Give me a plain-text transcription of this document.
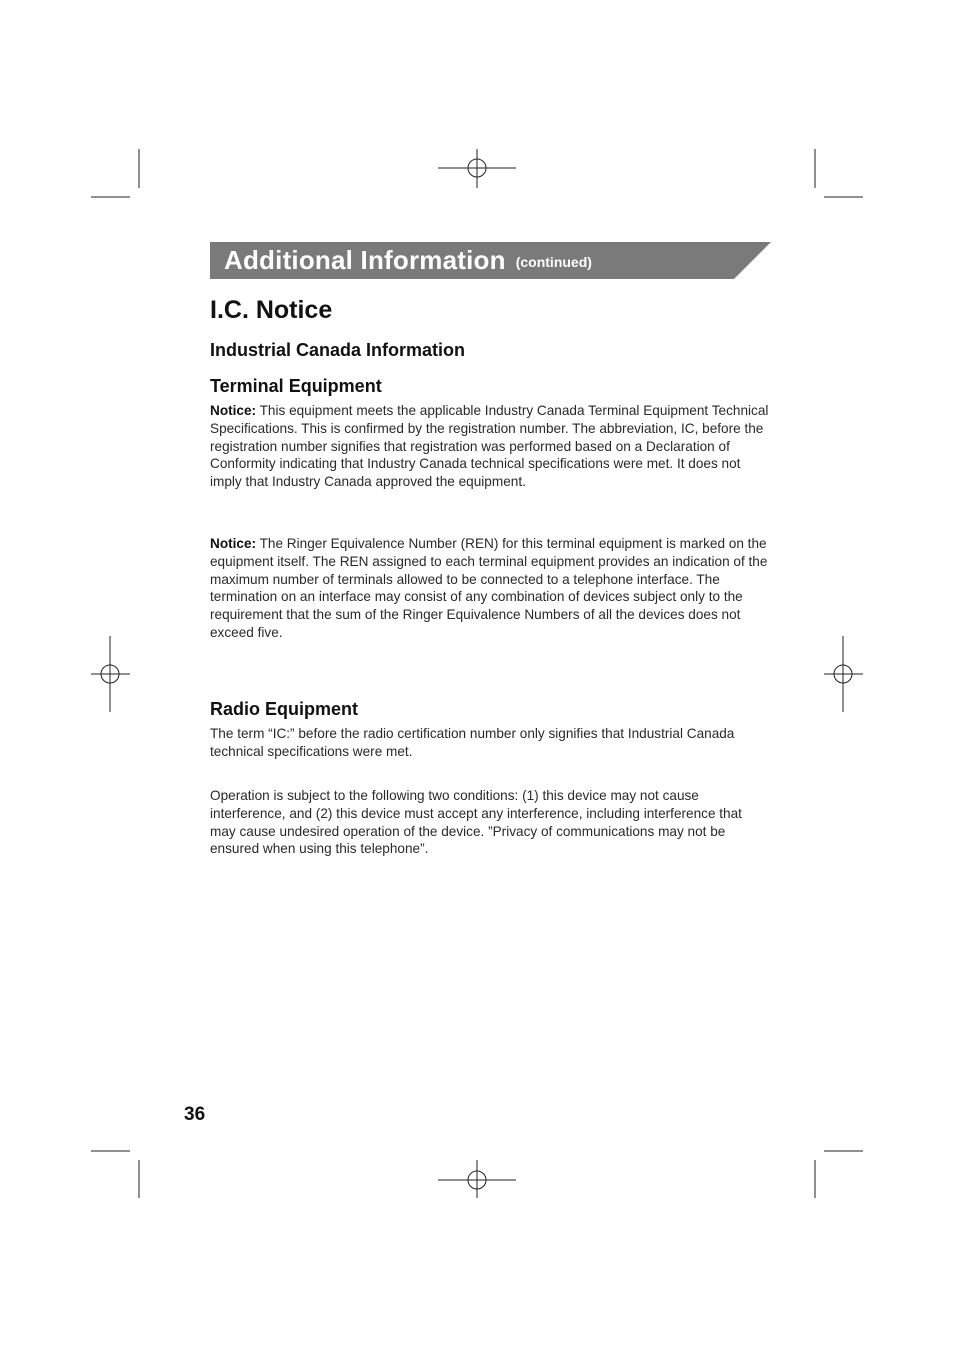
Additional Information (continued)
I.C. Notice
Industrial Canada Information
Terminal Equipment

Notice: This equipment meets the applicable Industry Canada Terminal Equipment Technical Specifications. This is confirmed by the registration number. The abbreviation, IC, before the registration number signifies that registration was performed based on a Declaration of Conformity indicating that Industry Canada technical specifications were met. It does not imply that Industry Canada approved the equipment.

Notice: The Ringer Equivalence Number (REN) for this terminal equipment is marked on the equipment itself. The REN assigned to each terminal equipment provides an indication of the maximum number of terminals allowed to be connected to a telephone interface. The termination on an interface may consist of any combination of devices subject only to the requirement that the sum of the Ringer Equivalence Numbers of all the devices does not exceed five.

Radio Equipment

The term “IC:” before the radio certification number only signifies that Industrial Canada technical specifications were met.

Operation is subject to the following two conditions: (1) this device may not cause interference, and (2) this device must accept any interference, including interference that may cause undesired operation of the device. ”Privacy of communications may not be ensured when using this telephone”.

36
